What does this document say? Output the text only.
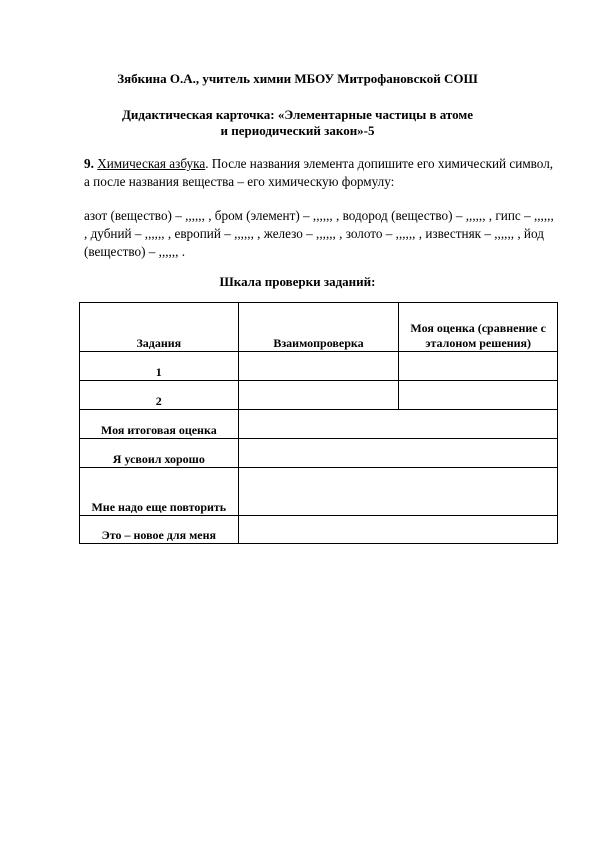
Зябкина О.А., учитель химии МБОУ Митрофановской СОШ
Дидактическая карточка: «Элементарные частицы в атоме
и периодический закон»-5
9. Химическая азбука. После названия элемента допишите его химический символ, а после названия вещества – его химическую формулу:
азот (вещество) – ,,,,,, , бром (элемент) – ,,,,,, , водород (вещество) – ,,,,,, , гипс – ,,,,,, , дубний – ,,,,,, , европий – ,,,,,, , железо – ,,,,,, , золото – ,,,,,, , известняк – ,,,,,, , йод (вещество) – ,,,,,, .
Шкала проверки заданий:
Задания	Взаимопроверка	Моя оценка (сравнение с эталоном решения)
1		
2		
Моя итоговая оценка		
Я усвоил хорошо		
Мне надо еще повторить		
Это – новое для меня		
